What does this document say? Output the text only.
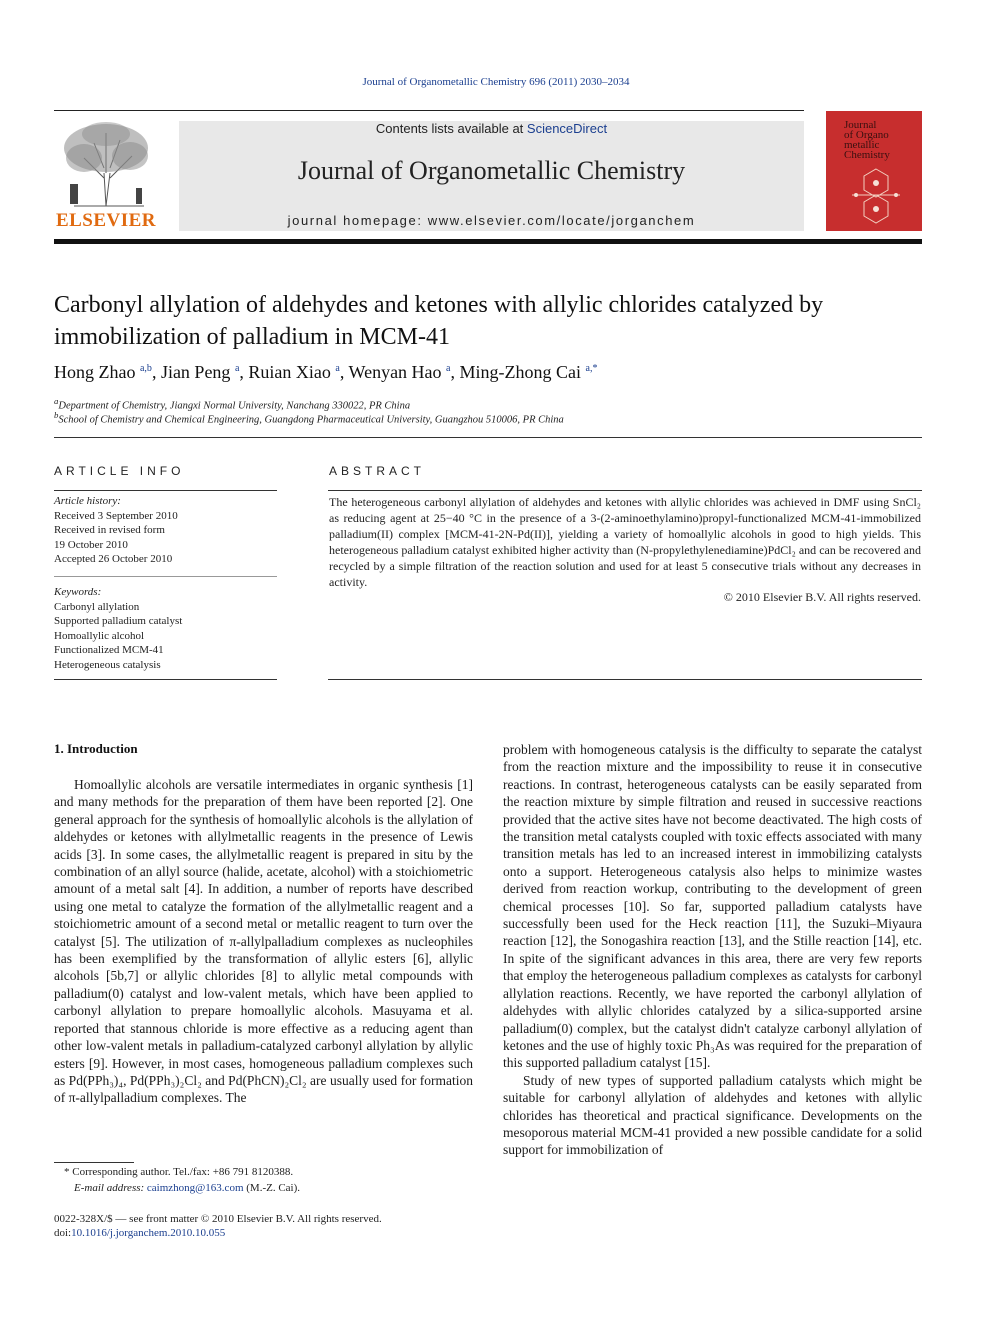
Journal of Organometallic Chemistry 696 (2011) 2030–2034
ELSEVIER
Contents lists available at ScienceDirect
Journal of Organometallic Chemistry
journal homepage: www.elsevier.com/locate/jorganchem
Journal
of Organo
metallic
Chemistry
Carbonyl allylation of aldehydes and ketones with allylic chlorides catalyzed by immobilization of palladium in MCM-41
Hong Zhao $^{a,b}$, Jian Peng $^a$, Ruian Xiao $^a$, Wenyan Hao $^a$, Ming-Zhong Cai $^{a,*}$
$^a$Department of Chemistry, Jiangxi Normal University, Nanchang 330022, PR China
$^b$School of Chemistry and Chemical Engineering, Guangdong Pharmaceutical University, Guangzhou 510006, PR China
ARTICLE INFO
Article history:
Received 3 September 2010
Received in revised form
19 October 2010
Accepted 26 October 2010
Keywords:
Carbonyl allylation
Supported palladium catalyst
Homoallylic alcohol
Functionalized MCM-41
Heterogeneous catalysis
ABSTRACT
The heterogeneous carbonyl allylation of aldehydes and ketones with allylic chlorides was achieved in DMF using SnCl₂ as reducing agent at 25−40 °C in the presence of a 3-(2-aminoethylamino)propyl-functionalized MCM-41-immobilized palladium(II) complex [MCM-41-2N-Pd(II)], yielding a variety of homoallylic alcohols in good to high yields. This heterogeneous palladium catalyst exhibited higher activity than (N-propylethylenediamine)PdCl₂ and can be recovered and recycled by a simple filtration of the reaction solution and used for at least 5 consecutive trials without any decreases in activity.
© 2010 Elsevier B.V. All rights reserved.
1. Introduction

Homoallylic alcohols are versatile intermediates in organic synthesis [1] and many methods for the preparation of them have been reported [2]. One general approach for the synthesis of homoallylic alcohols is the allylation of aldehydes or ketones with allylmetallic reagents in the presence of Lewis acids [3]. In some cases, the allylmetallic reagent is prepared in situ by the combination of an allyl source (halide, acetate, alcohol) with a stoichiometric amount of a metal salt [4]. In addition, a number of reports have described using one metal to catalyze the formation of the allylmetallic reagent and a stoichiometric amount of a second metal or metallic reagent to turn over the catalyst [5]. The utilization of π-allylpalladium complexes as nucleophiles has been exemplified by the transformation of allylic esters [6], allylic alcohols [5b,7] or allylic chlorides [8] to allylic metal compounds with palladium(0) catalyst and low-valent metals, which have been applied to carbonyl allylation to prepare homoallylic alcohols. Masuyama et al. reported that stannous chloride is more effective as a reducing agent than other low-valent metals in palladium-catalyzed carbonyl allylation by allylic esters [9]. However, in most cases, homogeneous palladium complexes such as Pd(PPh₃)₄, Pd(PPh₃)₂Cl₂ and Pd(PhCN)₂Cl₂ are usually used for formation of π-allylpalladium complexes. The

problem with homogeneous catalysis is the difficulty to separate the catalyst from the reaction mixture and the impossibility to reuse it in consecutive reactions. In contrast, heterogeneous catalysts can be easily separated from the reaction mixture by simple filtration and reused in successive reactions provided that the active sites have not become deactivated. The high costs of the transition metal catalysts coupled with toxic effects associated with many transition metals has led to an increased interest in immobilizing catalysts onto a support. Heterogeneous catalysis also helps to minimize wastes derived from reaction workup, contributing to the development of green chemical processes [10]. So far, supported palladium catalysts have successfully been used for the Heck reaction [11], the Suzuki–Miyaura reaction [12], the Sonogashira reaction [13], and the Stille reaction [14], etc. In spite of the significant advances in this area, there are very few reports that employ the heterogeneous palladium complexes as catalysts for carbonyl allylation reactions. Recently, we have reported the carbonyl allylation of aldehydes with allylic chlorides catalyzed by a silica-supported arsine palladium(0) complex, but the catalyst didn't catalyze carbonyl allylation of ketones and the use of highly toxic Ph₃As was required for the preparation of this supported palladium catalyst [15].

Study of new types of supported palladium catalysts which might be suitable for carbonyl allylation of aldehydes and ketones with allylic chlorides has theoretical and practical significance. Developments on the mesoporous material MCM-41 provided a new possible candidate for a solid support for immobilization of

* Corresponding author. Tel./fax: +86 791 8120388.
E-mail address: caimzhong@163.com (M.-Z. Cai).
0022-328X/$ — see front matter © 2010 Elsevier B.V. All rights reserved.
doi:10.1016/j.jorganchem.2010.10.055
